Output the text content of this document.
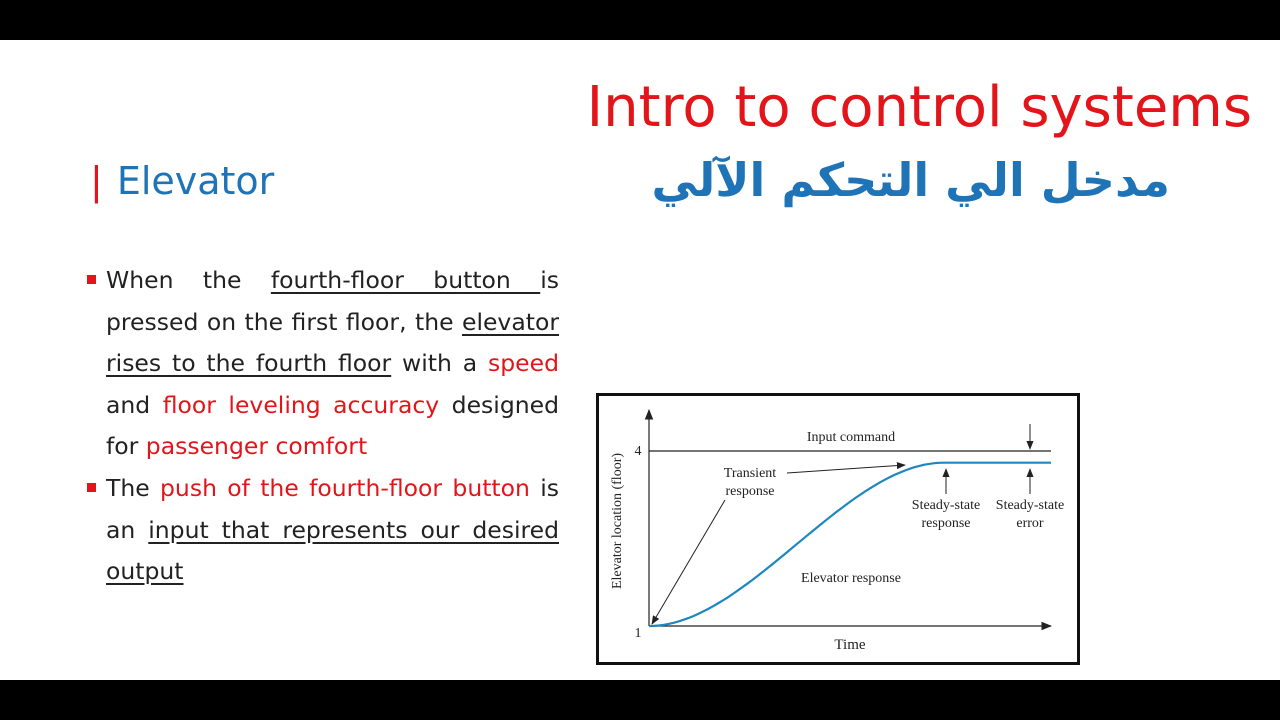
Intro to control systems
مدخل الي التحكم الآلي
| Elevator
When the fourth-floor button is pressed on the first floor, the elevator rises to the fourth floor with a speed and floor leveling accuracy designed for passenger comfort
The push of the fourth-floor button is an input that represents our desired output	Elevator location (floor)
Time
4
1
Input command
Elevator response
Transient
response
Steady-state
response
Steady-state
error
